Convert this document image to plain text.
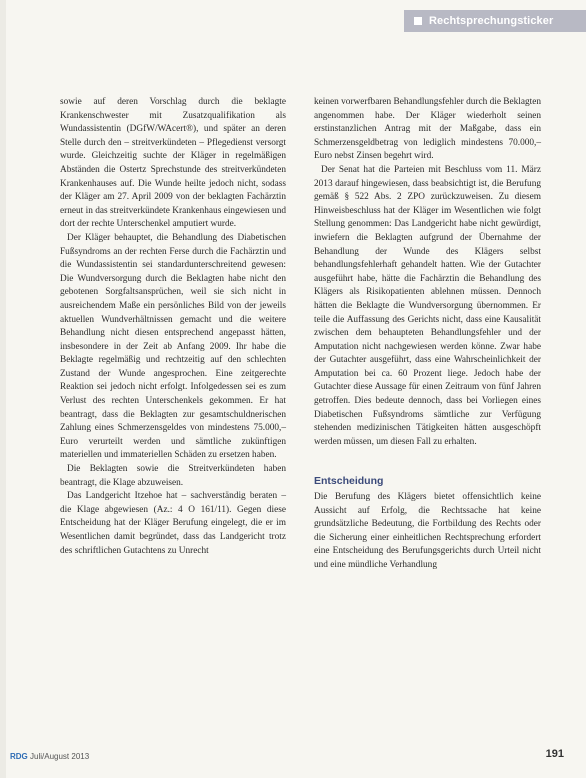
Rechtsprechungsticker

sowie auf deren Vorschlag durch die beklagte Krankenschwester mit Zusatzqualifikation als Wundassistentin (DGfW/WAcert®), und später an deren Stelle durch den – streitverkündeten – Pflegedienst versorgt wurde. Gleichzeitig suchte der Kläger in regelmäßigen Abständen die Ostertz Sprechstunde des streitverkündeten Krankenhauses auf. Die Wunde heilte jedoch nicht, sodass der Kläger am 27. April 2009 von der beklagten Fachärztin erneut in das streitverkündete Krankenhaus eingewiesen und dort der rechte Unterschenkel amputiert wurde.

Der Kläger behauptet, die Behandlung des Diabetischen Fußsyndroms an der rechten Ferse durch die Fachärztin und die Wundassistentin sei standardunterschreitend gewesen: Die Wundversorgung durch die Beklagten habe nicht den gebotenen Sorgfaltsansprüchen, weil sie sich nicht in ausreichendem Maße ein persönliches Bild von der jeweils aktuellen Wundverhältnissen gemacht und die weitere Behandlung nicht diesen entsprechend angepasst hätten, insbesondere in der Zeit ab Anfang 2009. Ihr habe die Beklagte regelmäßig und rechtzeitig auf den schlechten Zustand der Wunde angesprochen. Eine zeitgerechte Reaktion sei jedoch nicht erfolgt. Infolgedessen sei es zum Verlust des rechten Unterschenkels gekommen. Er hat beantragt, dass die Beklagten zur gesamtschuldnerischen Zahlung eines Schmerzensgeldes von mindestens 75.000,– Euro verurteilt werden und sämtliche zukünftigen materiellen und immateriellen Schäden zu ersetzen haben.

Die Beklagten sowie die Streitverkündeten haben beantragt, die Klage abzuweisen.

Das Landgericht Itzehoe hat – sachverständig beraten – die Klage abgewiesen (Az.: 4 O 161/11). Gegen diese Entscheidung hat der Kläger Berufung eingelegt, die er im Wesentlichen damit begründet, dass das Landgericht trotz des schriftlichen Gutachtens zu Unrecht

keinen vorwerfbaren Behandlungsfehler durch die Beklagten angenommen habe. Der Kläger wiederholt seinen erstinstanzlichen Antrag mit der Maßgabe, dass ein Schmerzensgeldbetrag von lediglich mindestens 70.000,– Euro nebst Zinsen begehrt wird.

Der Senat hat die Parteien mit Beschluss vom 11. März 2013 darauf hingewiesen, dass beabsichtigt ist, die Berufung gemäß § 522 Abs. 2 ZPO zurückzuweisen. Zu diesem Hinweisbeschluss hat der Kläger im Wesentlichen wie folgt Stellung genommen: Das Landgericht habe nicht gewürdigt, inwiefern die Beklagten aufgrund der Übernahme der Behandlung der Wunde des Klägers selbst behandlungsfehlerhaft gehandelt hatten. Wie der Gutachter ausgeführt habe, hätte die Fachärztin die Behandlung des Klägers als Risikopatienten ablehnen müssen. Dennoch hätten die Beklagte die Wundversorgung übernommen. Er teile die Auffassung des Gerichts nicht, dass eine Kausalität zwischen dem behaupteten Behandlungsfehler und der Amputation nicht nachgewiesen werden könne. Zwar habe der Gutachter ausgeführt, dass eine Wahrscheinlichkeit der Amputation bei ca. 60 Prozent liege. Jedoch habe der Gutachter diese Aussage für einen Zeitraum von fünf Jahren getroffen. Dies bedeute dennoch, dass bei Vorliegen eines Diabetischen Fußsyndroms sämtliche zur Verfügung stehenden medizinischen Tätigkeiten hätten ausgeschöpft werden müssen, um diesen Fall zu erhalten.

Entscheidung

Die Berufung des Klägers bietet offensichtlich keine Aussicht auf Erfolg, die Rechtssache hat keine grundsätzliche Bedeutung, die Fortbildung des Rechts oder die Sicherung einer einheitlichen Rechtsprechung erfordert eine Entscheidung des Berufungsgerichts durch Urteil nicht und eine mündliche Verhandlung

RDG Juli/August 2013	191
